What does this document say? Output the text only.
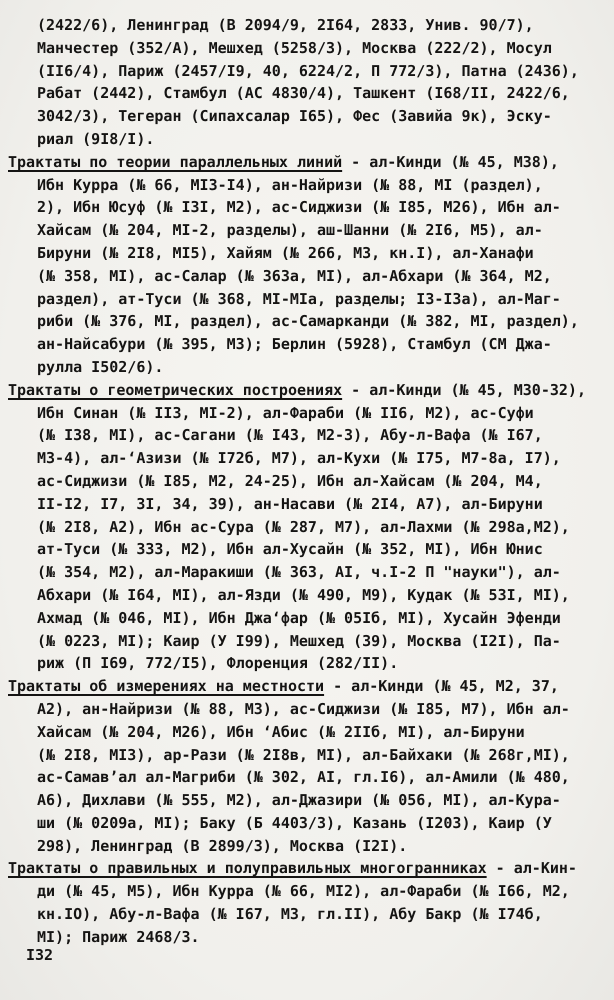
(2422/6), Ленинград (В 2094/9, 2I64, 2833, Унив. 90/7),
Манчестер (352/А), Мешхед (5258/3), Москва (222/2), Мосул
(II6/4), Париж (2457/I9, 40, 6224/2, П 772/3), Патна (2436),
Рабат (2442), Стамбул (АС 4830/4), Ташкент (I68/II, 2422/6,
3042/3), Тегеран (Сипахсалар I65), Фес (Завийа 9к), Эску-
риал (9I8/I).
Трактаты по теории параллельных линий - ал-Кинди (№ 45, М38),
Ибн Курра (№ 66, МI3-I4), ан-Найризи (№ 88, МI (раздел),
2), Ибн Юсуф (№ I3I, М2), ас-Сиджизи (№ I85, М26), Ибн ал-
Хайсам (№ 204, МI-2, разделы), аш-Шанни (№ 2I6, М5), ал-
Бируни (№ 2I8, МI5), Хайям (№ 266, М3, кн.I), ал-Ханафи
(№ 358, МI), ас-Салар (№ 363а, МI), ал-Абхари (№ 364, М2,
раздел), ат-Туси (№ 368, МI-МIа, разделы; I3-I3а), ал-Маг-
риби (№ 376, МI, раздел), ас-Самарканди (№ 382, МI, раздел),
ан-Найсабури (№ 395, М3); Берлин (5928), Стамбул (СМ Джа-
рулла I502/6).
Трактаты о геометрических построениях - ал-Кинди (№ 45, М30-32),
Ибн Синан (№ II3, МI-2), ал-Фараби (№ II6, М2), ас-Суфи
(№ I38, МI), ас-Сагани (№ I43, М2-3), Абу-л-Вафа (№ I67,
М3-4), ал-‘Азизи (№ I72б, М7), ал-Кухи (№ I75, М7-8а, I7),
ас-Сиджизи (№ I85, М2, 24-25), Ибн ал-Хайсам (№ 204, М4,
II-I2, I7, 3I, 34, 39), ан-Насави (№ 2I4, А7), ал-Бируни
(№ 2I8, А2), Ибн ас-Сура (№ 287, М7), ал-Лахми (№ 298а,М2),
ат-Туси (№ 333, М2), Ибн ал-Хусайн (№ 352, МI), Ибн Юнис
(№ 354, М2), ал-Маракиши (№ 363, АI, ч.I-2 П "науки"), ал-
Абхари (№ I64, МI), ал-Язди (№ 490, М9), Кудак (№ 53I, МI),
Ахмад (№ 046, МI), Ибн Джа‘фар (№ 05Iб, МI), Хусайн Эфенди
(№ 0223, МI); Каир (У I99), Мешхед (39), Москва (I2I), Па-
риж (П I69, 772/I5), Флоренция (282/II).
Трактаты об измерениях на местности - ал-Кинди (№ 45, М2, 37,
А2), ан-Найризи (№ 88, М3), ас-Сиджизи (№ I85, М7), Ибн ал-
Хайсам (№ 204, М26), Ибн ‘Абис (№ 2IIб, МI), ал-Бируни
(№ 2I8, МI3), ар-Рази (№ 2I8в, МI), ал-Байхаки (№ 268г,МI),
ас-Самав’ал ал-Магриби (№ 302, АI, гл.I6), ал-Амили (№ 480,
А6), Дихлави (№ 555, М2), ал-Джазири (№ 056, МI), ал-Кура-
ши (№ 0209а, МI); Баку (Б 4403/3), Казань (I203), Каир (У
298), Ленинград (В 2899/3), Москва (I2I).
Трактаты о правильных и полуправильных многогранниках - ал-Кин-
ди (№ 45, М5), Ибн Курра (№ 66, МI2), ал-Фараби (№ I66, М2,
кн.IO), Абу-л-Вафа (№ I67, М3, гл.II), Абу Бакр (№ I74б,
МI); Париж 2468/3.
I32
